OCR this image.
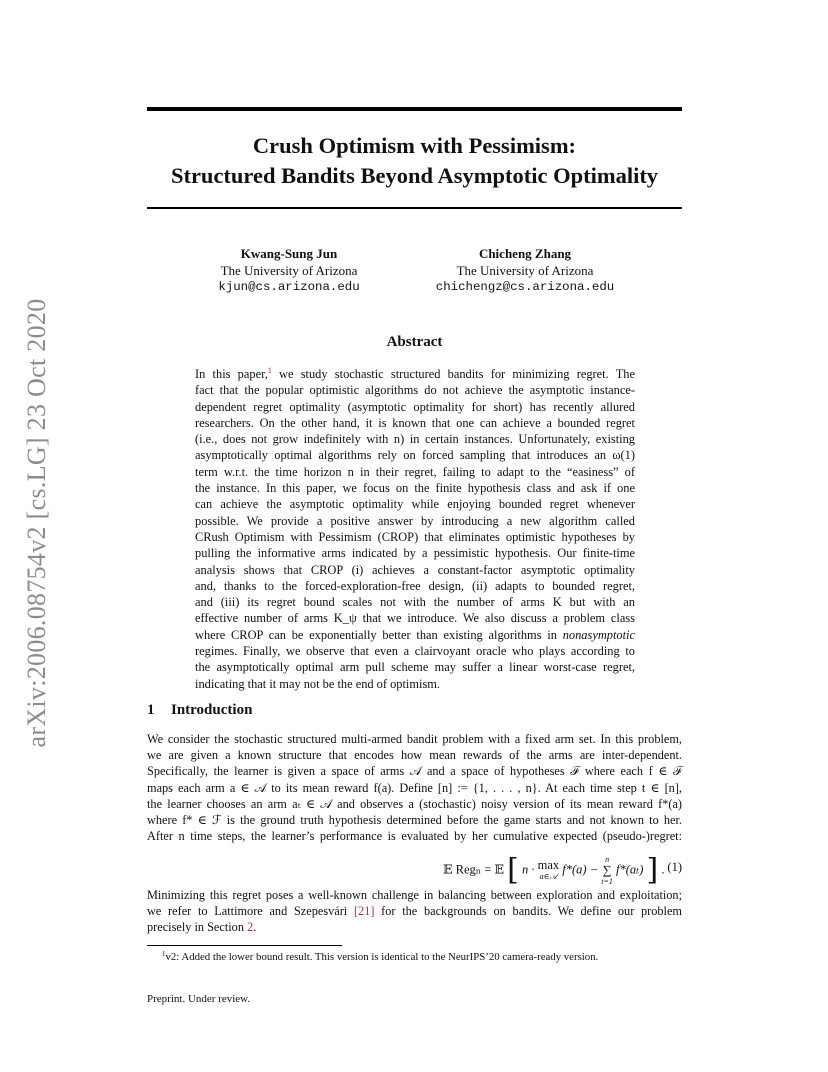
arXiv:2006.08754v2 [cs.LG] 23 Oct 2020
Crush Optimism with Pessimism:
Structured Bandits Beyond Asymptotic Optimality
Kwang-Sung Jun
The University of Arizona
kjun@cs.arizona.edu
Chicheng Zhang
The University of Arizona
chichengz@cs.arizona.edu
Abstract
In this paper,$^1$ we study stochastic structured bandits for minimizing regret. The
fact that the popular optimistic algorithms do not achieve the asymptotic instance-
dependent regret optimality (asymptotic optimality for short) has recently allured
researchers. On the other hand, it is known that one can achieve a bounded regret
(i.e., does not grow indefinitely with n) in certain instances. Unfortunately, existing
asymptotically optimal algorithms rely on forced sampling that introduces an ω(1)
term w.r.t. the time horizon n in their regret, failing to adapt to the “easiness” of
the instance. In this paper, we focus on the finite hypothesis class and ask if one
can achieve the asymptotic optimality while enjoying bounded regret whenever
possible. We provide a positive answer by introducing a new algorithm called
CRush Optimism with Pessimism (CROP) that eliminates optimistic hypotheses by
pulling the informative arms indicated by a pessimistic hypothesis. Our finite-time
analysis shows that CROP (i) achieves a constant-factor asymptotic optimality
and, thanks to the forced-exploration-free design, (ii) adapts to bounded regret,
and (iii) its regret bound scales not with the number of arms K but with an
effective number of arms K_ψ that we introduce. We also discuss a problem class
where CROP can be exponentially better than existing algorithms in nonasymptotic
regimes. Finally, we observe that even a clairvoyant oracle who plays according to
the asymptotically optimal arm pull scheme may suffer a linear worst-case regret,
indicating that it may not be the end of optimism.
1 Introduction
We consider the stochastic structured multi-armed bandit problem with a fixed arm set. In this problem,
we are given a known structure that encodes how mean rewards of the arms are inter-dependent.
Specifically, the learner is given a space of arms 𝒜 and a space of hypotheses ℱ where each f ∈ ℱ
maps each arm a ∈ 𝒜 to its mean reward f(a). Define [n] := {1, . . . , n}. At each time step t ∈ [n],
the learner chooses an arm aₜ ∈ 𝒜 and observes a (stochastic) noisy version of its mean reward f*(a)
where f* ∈ ℱ is the ground truth hypothesis determined before the game starts and not known to her.
After n time steps, the learner’s performance is evaluated by her cumulative expected (pseudo-)regret:
𝔼 Regₙ = 𝔼 [ n · max
a∈𝒜 f*(a) −
n
∑
t=1
f*(aₜ) ] . (1)
Minimizing this regret poses a well-known challenge in balancing between exploration and exploitation;
we refer to Lattimore and Szepesvári [21] for the backgrounds on bandits. We define our problem
precisely in Section 2.
$^1$v2: Added the lower bound result. This version is identical to the NeurIPS’20 camera-ready version.
Preprint. Under review.
